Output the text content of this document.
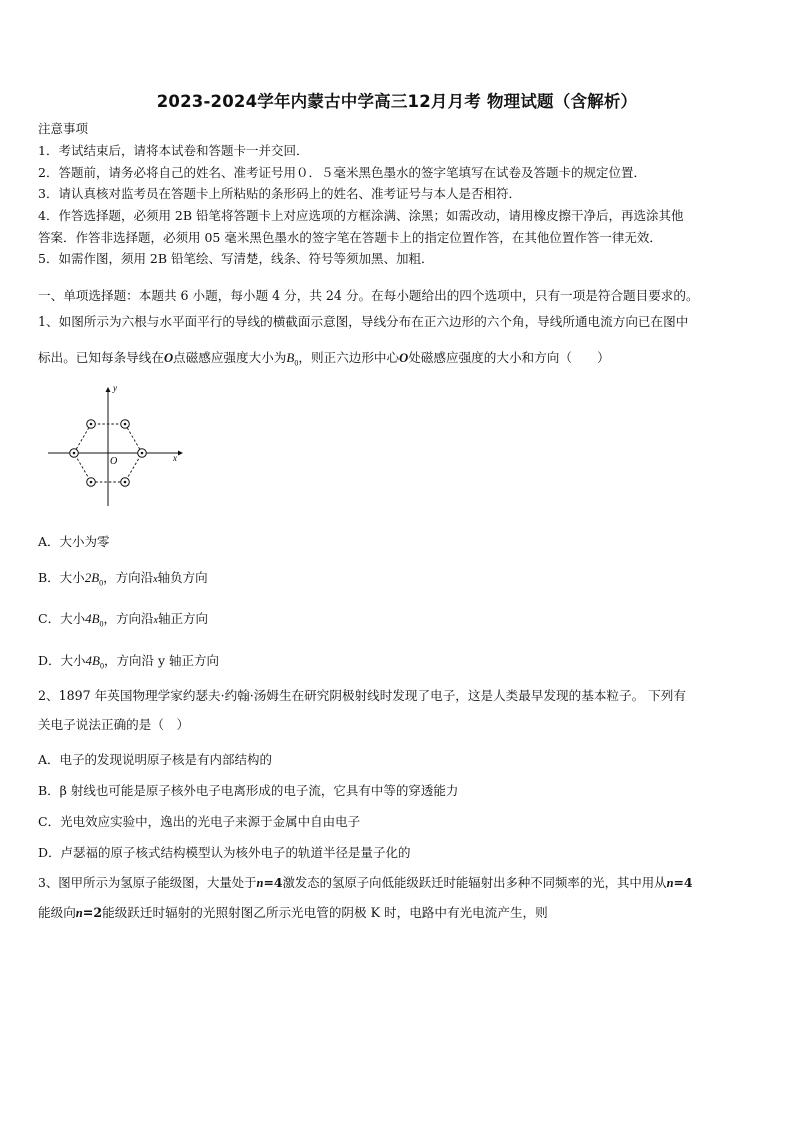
2023-2024学年内蒙古中学高三12月月考 物理试题（含解析）
注意事项
1．考试结束后，请将本试卷和答题卡一并交回．
2．答题前，请务必将自己的姓名、准考证号用０．５毫米黑色墨水的签字笔填写在试卷及答题卡的规定位置．
3．请认真核对监考员在答题卡上所粘贴的条形码上的姓名、准考证号与本人是否相符．
4．作答选择题，必须用 2B 铅笔将答题卡上对应选项的方框涂满、涂黑；如需改动，请用橡皮擦干净后，再选涂其他
答案．作答非选择题，必须用 05 毫米黑色墨水的签字笔在答题卡上的指定位置作答，在其他位置作答一律无效．
5．如需作图，须用 2B 铅笔绘、写清楚，线条、符号等须加黑、加粗．
一、单项选择题：本题共 6 小题，每小题 4 分，共 24 分。在每小题给出的四个选项中，只有一项是符合题目要求的。
1、如图所示为六根与水平面平行的导线的横截面示意图，导线分布在正六边形的六个角，导线所通电流方向已在图中
标出。已知每条导线在O点磁感应强度大小为$B_0$，则正六边形中心O处磁感应强度的大小和方向（　　）
y
x
O
A．大小为零
B．大小$2B_0$，方向沿x轴负方向
C．大小$4B_0$，方向沿x轴正方向
D．大小$4B_0$，方向沿 y 轴正方向
2、1897 年英国物理学家约瑟夫·约翰·汤姆生在研究阴极射线时发现了电子，这是人类最早发现的基本粒子。 下列有
关电子说法正确的是（　）
A．电子的发现说明原子核是有内部结构的
B．β 射线也可能是原子核外电子电离形成的电子流，它具有中等的穿透能力
C．光电效应实验中，逸出的光电子来源于金属中自由电子
D．卢瑟福的原子核式结构模型认为核外电子的轨道半径是量子化的
3、图甲所示为氢原子能级图，大量处于n=4激发态的氢原子向低能级跃迁时能辐射出多种不同频率的光，其中用从n=4
能级向n=2能级跃迁时辐射的光照射图乙所示光电管的阴极 K 时，电路中有光电流产生，则
